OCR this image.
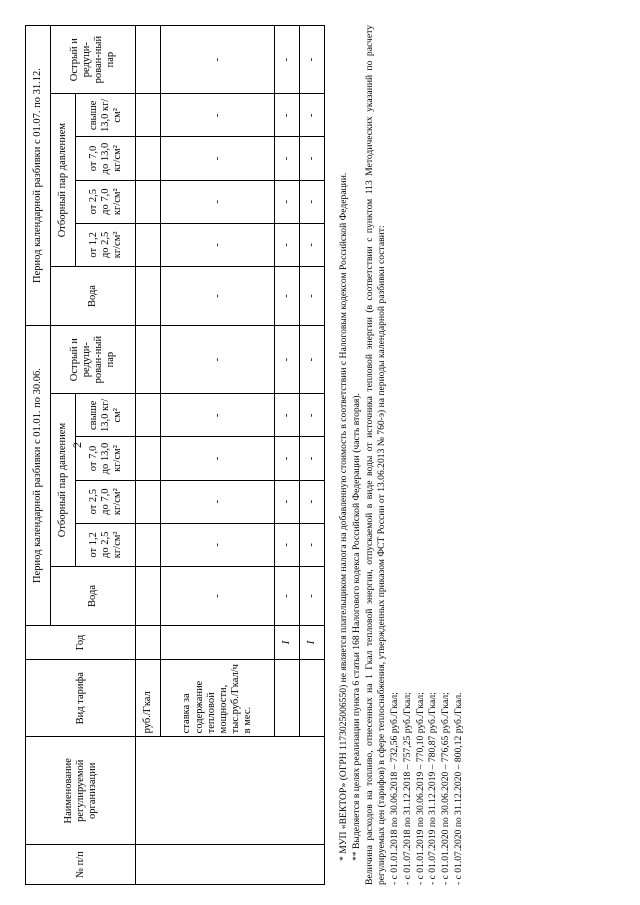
2
№ п/п	Наименование регулируемой организации	Вид тарифа	Год	Период календарной разбивки с 01.01. по 30.06.						Период календарной разбивки с 01.07. по 31.12.					
				Вода	Отборный пар давлением				Острый и редуци-рован-ный пар	Вода	Отборный пар давлением				Острый и редуци-рован-ный пар
					от 1,2 до 2,5 кг/см²	от 2,5 до 7,0 кг/см²	от 7,0 до 13,0 кг/см²	свыше 13,0 кг/см²			от 1,2 до 2,5 кг/см²	от 2,5 до 7,0 кг/см²	от 7,0 до 13,0 кг/см²	свыше 13,0 кг/см²	
		руб./Гкал													
		ставка за содержание тепловой мощности, тыс.руб./Гкал/ч в мес.		-	-	-	-	-	-	-	-	-	-	-	-
			I	-	-	-	-	-	-	-	-	-	-	-	-
			I	-	-	-	-	-	-	-	-	-	-	-	-

* МУП «ВЕКТОР» (ОГРН 1173025006550) не является плательщиком налога на добавленную стоимость в соответствии с Налоговым кодексом Российской Федерации. ** Выделяется в целях реализации пункта 6 статьи 168 Налогового кодекса Российской Федерации (часть вторая). Величина расходов на топливо, отнесенных на 1 Гкал тепловой энергии, отпускаемой в виде воды от источника тепловой энергии (в соответствии с пунктом 113 Методических указаний по расчету регулируемых цен (тарифов) в сфере теплоснабжения, утвержденных приказом ФСТ России от 13.06.2013 № 760-э) на периоды календарной разбивки составит: - с 01.01.2018 по 30.06.2018 – 732,56 руб./Гкал; - с 01.07.2018 по 31.12.2018 – 757,25 руб./Гкал; - с 01.01.2019 по 30.06.2019 – 770,10 руб./Гкал; - с 01.07.2019 по 31.12.2019 – 780,87 руб./Гкал; - с 01.01.2020 по 30.06.2020 – 776,65 руб./Гкал; - с 01.07.2020 по 31.12.2020 – 800,12 руб./Гкал.
